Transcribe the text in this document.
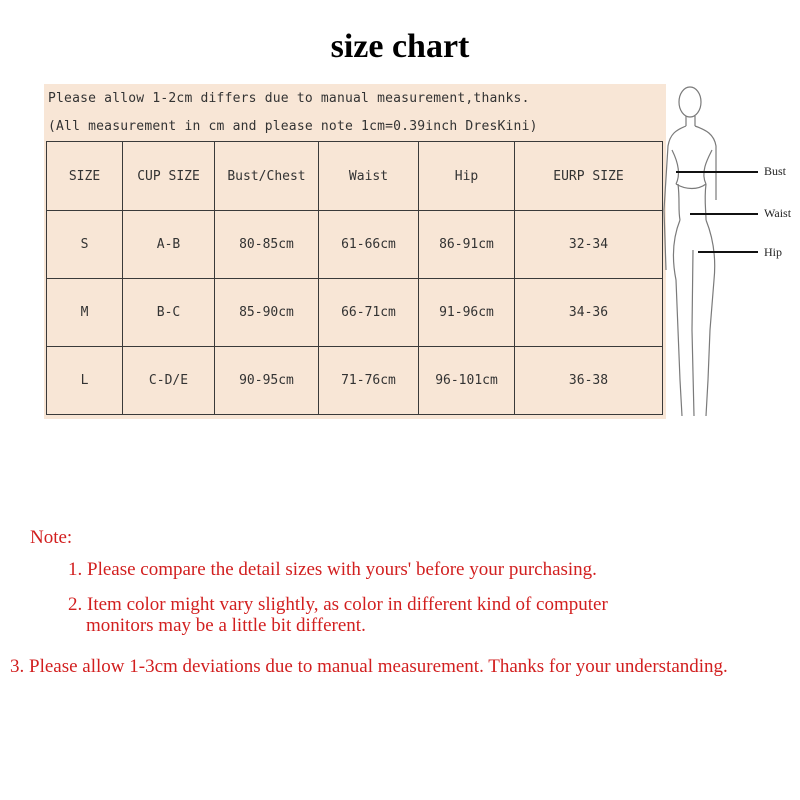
size chart
Please allow 1-2cm differs due to manual measurement,thanks.
(All measurement in cm and please note 1cm=0.39inch DresKini)
SIZE	CUP SIZE	Bust/Chest	Waist	Hip	EURP SIZE
S	A-B	80-85cm	61-66cm	86-91cm	32-34
M	B-C	85-90cm	66-71cm	91-96cm	34-36
L	C-D/E	90-95cm	71-76cm	96-101cm	36-38
Bust
Waist
Hip
Note:
1. Please compare the detail sizes with yours' before your purchasing.
2. Item color might vary slightly, as color in different kind of computer
monitors may be a little bit different.
3. Please allow 1-3cm deviations due to manual measurement. Thanks for your understanding.
